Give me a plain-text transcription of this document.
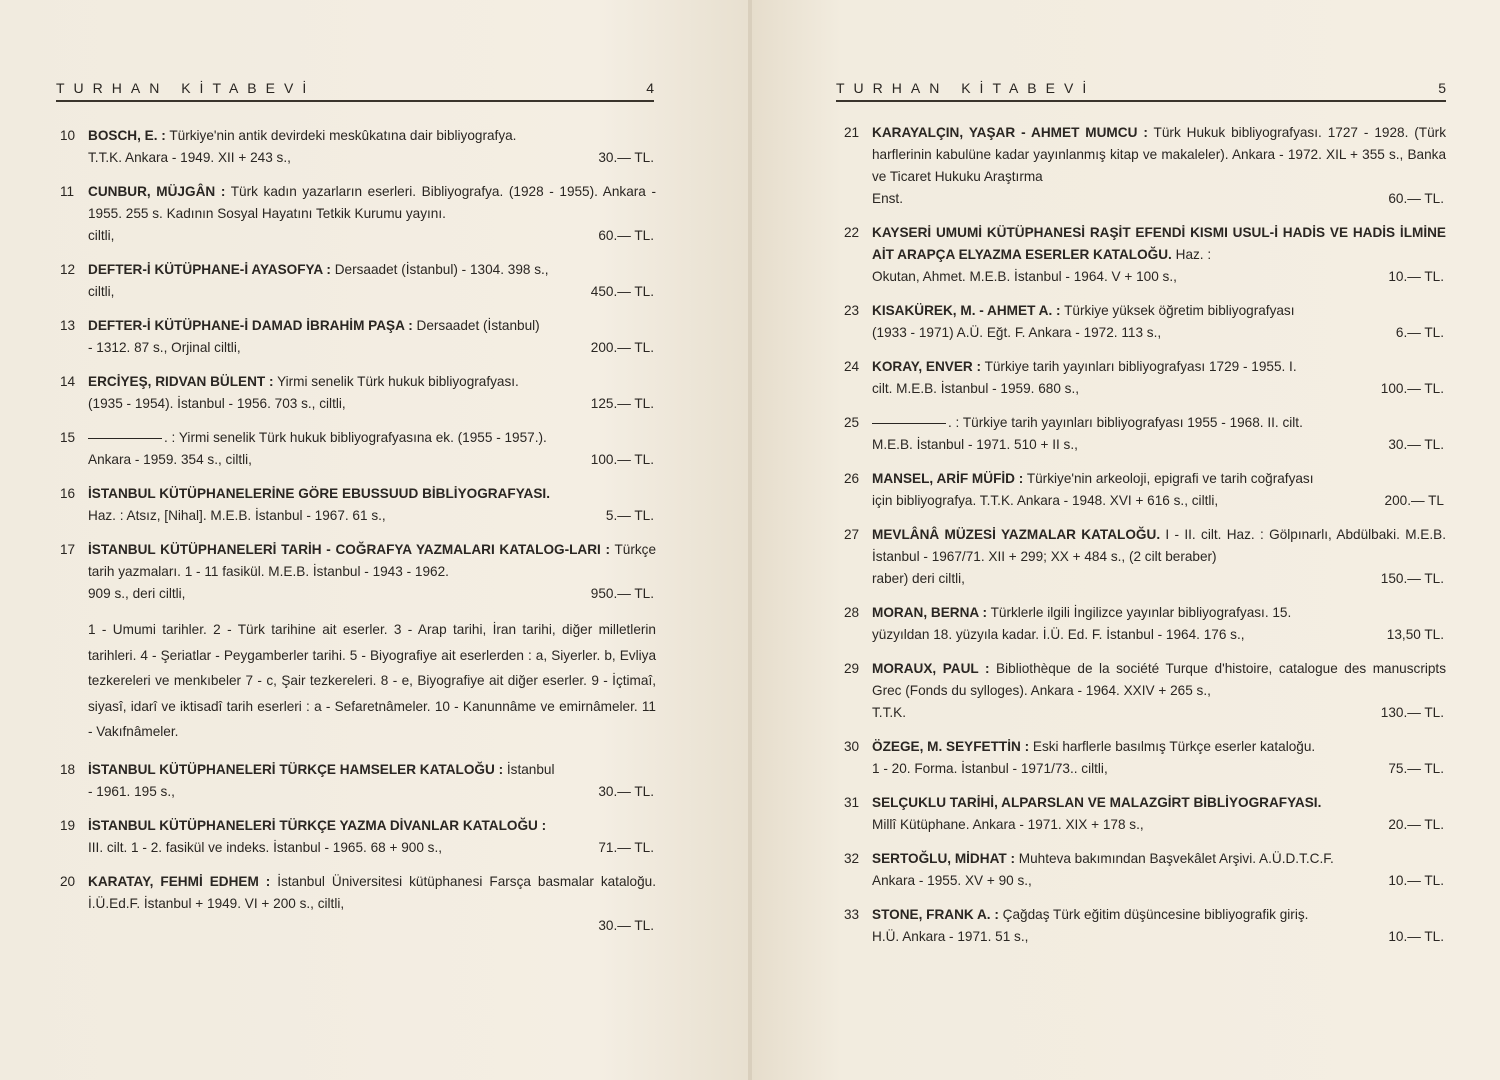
TURHAN KİTABEVİ	4
10 BOSCH, E. : Türkiye'nin antik devirdeki meskûkatına dair bibliyografya.
T.T.K. Ankara - 1949. XII + 243 s.,	30.— TL.
11	CUNBUR, MÜJGÂN : Türk kadın yazarların eserleri. Bibliyografya. (1928 - 1955). Ankara - 1955. 255 s. Kadının Sosyal Hayatını Tetkik Kurumu yayını.
ciltli,	60.— TL.
12 DEFTER-İ KÜTÜPHANE-İ AYASOFYA : Dersaadet (İstanbul) - 1304. 398 s.,
ciltli,	450.— TL.
13 DEFTER-İ KÜTÜPHANE-İ DAMAD İBRAHİM PAŞA : Dersaadet (İstanbul)
- 1312. 87 s., Orjinal ciltli,	200.— TL.
14 ERCİYEŞ, RIDVAN BÜLENT : Yirmi senelik Türk hukuk bibliyografyası.
(1935 - 1954). İstanbul - 1956. 703 s., ciltli,	125.— TL.
15	. : Yirmi senelik Türk hukuk bibliyografyasına ek. (1955 - 1957.).
Ankara - 1959. 354 s., ciltli,	100.— TL.
16 İSTANBUL KÜTÜPHANELERİNE GÖRE EBUSSUUD BİBLİYOGRAFYASI.
Haz. : Atsız, [Nihal]. M.E.B. İstanbul - 1967. 61 s.,	5.— TL.
17 İSTANBUL KÜTÜPHANELERİ TARİH - COĞRAFYA YAZMALARI KATALOG-LARI : Türkçe tarih yazmaları. 1 - 11 fasikül. M.E.B. İstanbul - 1943 - 1962.
909 s., deri ciltli,	950.— TL.
1 - Umumi tarihler. 2 - Türk tarihine ait eserler. 3 - Arap tarihi, İran tarihi, diğer milletlerin tarihleri. 4 - Şeriatlar - Peygamberler tarihi. 5 - Biyografiye ait eserlerden : a, Siyerler. b, Evliya tezkereleri ve menkıbeler 7 - c, Şair tezkereleri. 8 - e, Biyografiye ait diğer eserler. 9 - İçtimaî, siyasî, idarî ve iktisadî tarih eserleri : a - Sefaretnâmeler. 10 - Kanunnâme ve emirnâmeler. 11 - Vakıfnâmeler.
18 İSTANBUL KÜTÜPHANELERİ TÜRKÇE HAMSELER KATALOĞU : İstanbul
- 1961. 195 s.,	30.— TL.
19 İSTANBUL KÜTÜPHANELERİ TÜRKÇE YAZMA DİVANLAR KATALOĞU :
III. cilt. 1 - 2. fasikül ve indeks. İstanbul - 1965. 68 + 900 s.,	71.— TL.
20 KARATAY, FEHMİ EDHEM : İstanbul Üniversitesi kütüphanesi Farsça basmalar kataloğu. İ.Ü.Ed.F. İstanbul + 1949. VI + 200 s., ciltli,
30.— TL.
TURHAN KİTABEVİ	5
21 KARAYALÇIN, YAŞAR - AHMET MUMCU : Türk Hukuk bibliyografyası. 1727 - 1928. (Türk harflerinin kabulüne kadar yayınlanmış kitap ve makaleler). Ankara - 1972. XIL + 355 s., Banka ve Ticaret Hukuku Araştırma
Enst.	60.— TL.
22 KAYSERİ UMUMİ KÜTÜPHANESİ RAŞİT EFENDİ KISMI USUL-İ HADİS VE HADİS İLMİNE AİT ARAPÇA ELYAZMA ESERLER KATALOĞU. Haz. :
Okutan, Ahmet. M.E.B. İstanbul - 1964. V + 100 s.,	10.— TL.
23 KISAKÜREK, M. - AHMET A. : Türkiye yüksek öğretim bibliyografyası
(1933 - 1971) A.Ü. Eğt. F. Ankara - 1972. 113 s.,	6.— TL.
24 KORAY, ENVER : Türkiye tarih yayınları bibliyografyası 1729 - 1955. I.
cilt. M.E.B. İstanbul - 1959. 680 s.,	100.— TL.
25	. : Türkiye tarih yayınları bibliyografyası 1955 - 1968. II. cilt.
M.E.B. İstanbul - 1971. 510 + II s.,	30.— TL.
26 MANSEL, ARİF MÜFİD : Türkiye'nin arkeoloji, epigrafi ve tarih coğrafyası
için bibliyografya. T.T.K. Ankara - 1948. XVI + 616 s., ciltli,	200.— TL
27 MEVLÂNÂ MÜZESİ YAZMALAR KATALOĞU. I - II. cilt. Haz. : Gölpınarlı, Abdülbaki. M.E.B. İstanbul - 1967/71. XII + 299; XX + 484 s., (2 cilt beraber)
raber) deri ciltli,	150.— TL.
28 MORAN, BERNA : Türklerle ilgili İngilizce yayınlar bibliyografyası. 15.
yüzyıldan 18. yüzyıla kadar. İ.Ü. Ed. F. İstanbul - 1964. 176 s.,	13,50 TL.
29 MORAUX, PAUL : Bibliothèque de la société Turque d'histoire, catalogue des manuscripts Grec (Fonds du sylloges). Ankara - 1964. XXIV + 265 s.,
T.T.K.	130.— TL.
30 ÖZEGE, M. SEYFETTİN : Eski harflerle basılmış Türkçe eserler kataloğu.
1 - 20. Forma. İstanbul - 1971/73.. ciltli,	75.— TL.
31 SELÇUKLU TARİHİ, ALPARSLAN VE MALAZGİRT BİBLİYOGRAFYASI.
Millî Kütüphane. Ankara - 1971. XIX + 178 s.,	20.— TL.
32 SERTOĞLU, MİDHAT : Muhteva bakımından Başvekâlet Arşivi. A.Ü.D.T.C.F.
Ankara - 1955. XV + 90 s.,	10.— TL.
33 STONE, FRANK A. : Çağdaş Türk eğitim düşüncesine bibliyografik giriş.
H.Ü. Ankara - 1971. 51 s.,	10.— TL.
